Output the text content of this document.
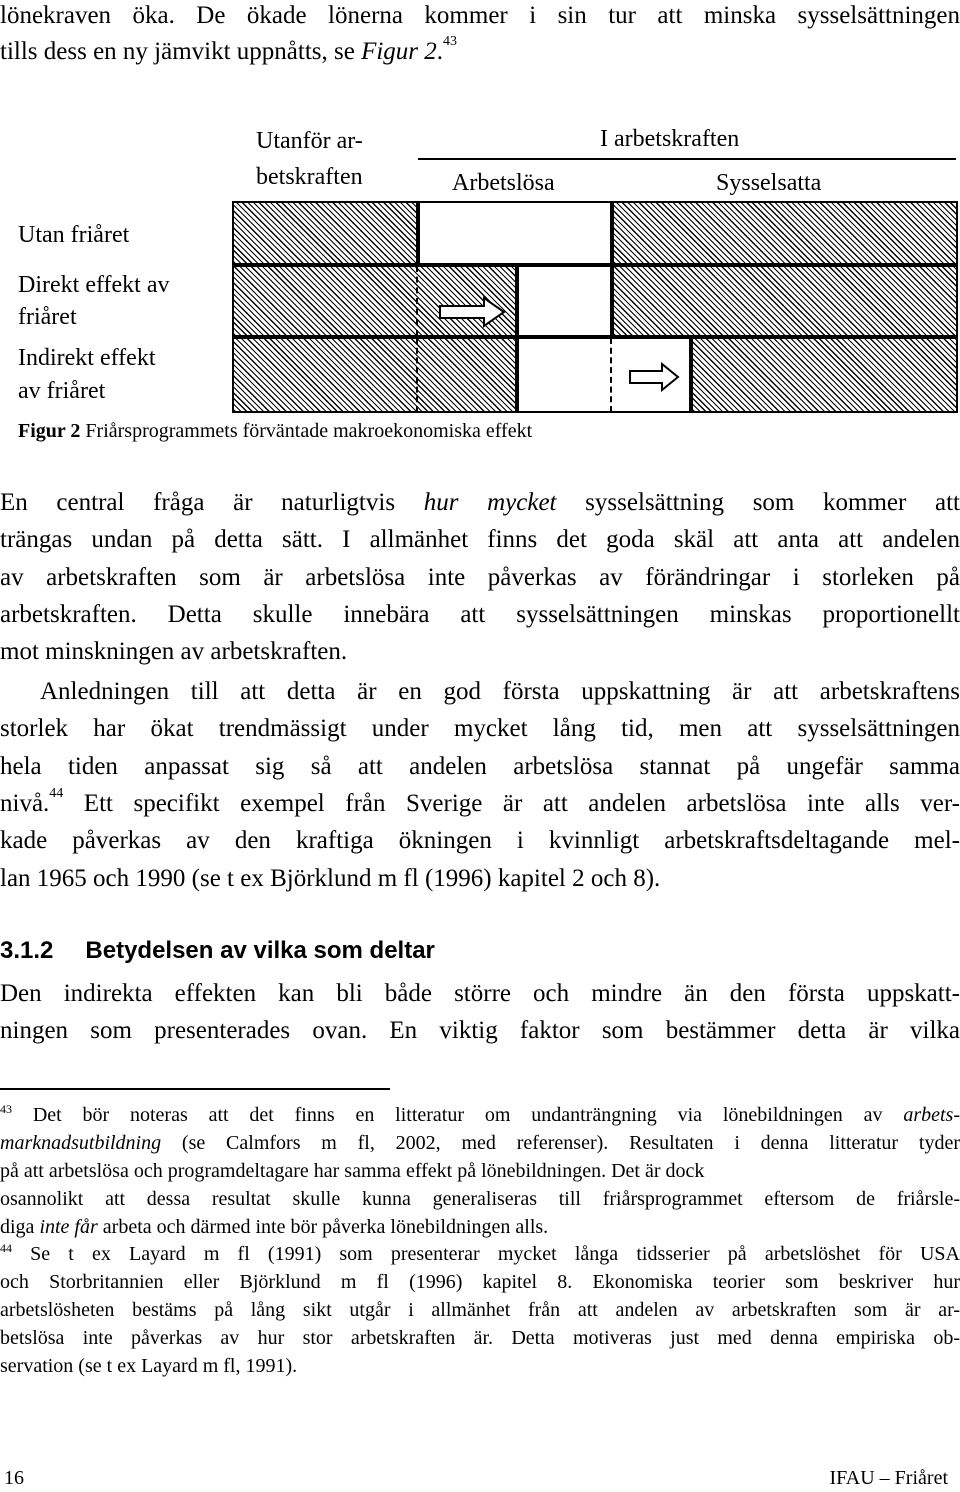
lönekraven öka. De ökade lönerna kommer i sin tur att minska sysselsättningen
tills dess en ny jämvikt uppnåtts, se Figur 2.43
Utanför ar-
betskraften
I arbetskraften
Arbetslösa	Sysselsatta
Utan friåret
Direkt effekt av
friåret
Indirekt effekt
av friåret
Figur 2 Friårsprogrammets förväntade makroekonomiska effekt
En central fråga är naturligtvis hur mycket sysselsättning som kommer att
trängas undan på detta sätt. I allmänhet finns det goda skäl att anta att andelen
av arbetskraften som är arbetslösa inte påverkas av förändringar i storleken på
arbetskraften. Detta skulle innebära att sysselsättningen minskas proportionellt
mot minskningen av arbetskraften.
Anledningen till att detta är en god första uppskattning är att arbetskraftens
storlek har ökat trendmässigt under mycket lång tid, men att sysselsättningen
hela tiden anpassat sig så att andelen arbetslösa stannat på ungefär samma
nivå.$^{44}$ Ett specifikt exempel från Sverige är att andelen arbetslösa inte alls ver-
kade påverkas av den kraftiga ökningen i kvinnligt arbetskraftsdeltagande mel-
lan 1965 och 1990 (se t ex Björklund m fl (1996) kapitel 2 och 8).
3.1.2 Betydelsen av vilka som deltar
Den indirekta effekten kan bli både större och mindre än den första uppskatt-
ningen som presenterades ovan. En viktig faktor som bestämmer detta är vilka
$^{43}$ Det bör noteras att det finns en litteratur om undanträngning via lönebildningen av arbets-
marknadsutbildning (se Calmfors m fl, 2002, med referenser). Resultaten i denna litteratur tyder
på att arbetslösa och programdeltagare har samma effekt på lönebildningen. Det är dock
osannolikt att dessa resultat skulle kunna generaliseras till friårsprogrammet eftersom de friårsle-
diga inte får arbeta och därmed inte bör påverka lönebildningen alls.
$^{44}$ Se t ex Layard m fl (1991) som presenterar mycket långa tidsserier på arbetslöshet för USA
och Storbritannien eller Björklund m fl (1996) kapitel 8. Ekonomiska teorier som beskriver hur
arbetslösheten bestäms på lång sikt utgår i allmänhet från att andelen av arbetskraften som är ar-
betslösa inte påverkas av hur stor arbetskraften är. Detta motiveras just med denna empiriska ob-
servation (se t ex Layard m fl, 1991).
16	IFAU – Friåret
